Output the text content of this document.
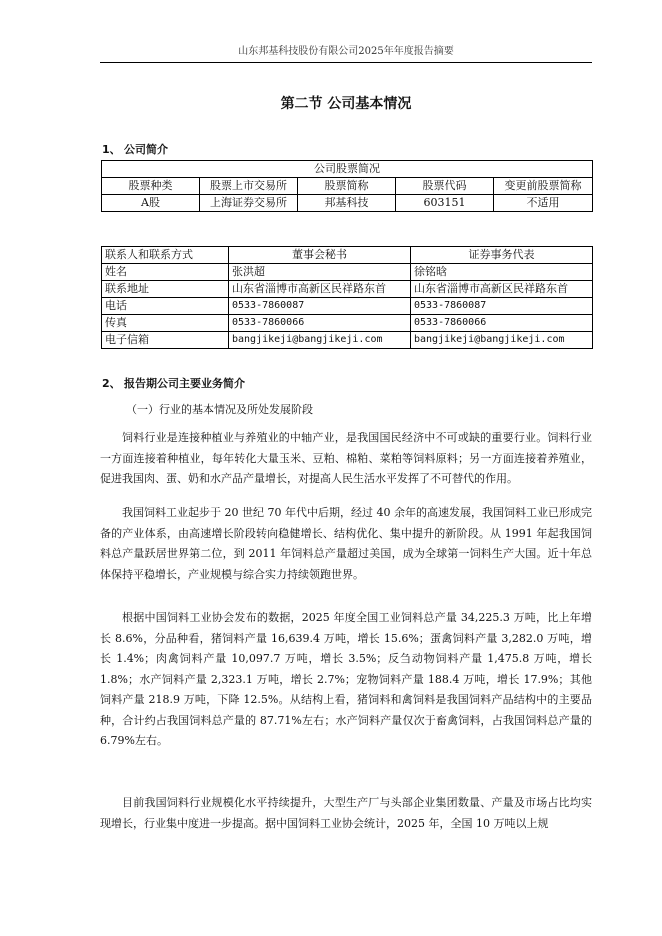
山东邦基科技股份有限公司2025年年度报告摘要
第二节 公司基本情况
1、 公司简介
公司股票简况				
股票种类	股票上市交易所	股票简称	股票代码	变更前股票简称
A股	上海证券交易所	邦基科技	603151	不适用
联系人和联系方式	董事会秘书	证券事务代表
姓名	张洪超	徐铭晗
联系地址	山东省淄博市高新区民祥路东首	山东省淄博市高新区民祥路东首
电话	0533-7860087	0533-7860087
传真	0533-7860066	0533-7860066
电子信箱	bangjikeji@bangjikeji.com	bangjikeji@bangjikeji.com
2、 报告期公司主要业务简介
（一）行业的基本情况及所处发展阶段

饲料行业是连接种植业与养殖业的中轴产业，是我国国民经济中不可或缺的重要行业。饲料行业一方面连接着种植业，每年转化大量玉米、豆粕、棉粕、菜粕等饲料原料；另一方面连接着养殖业，促进我国肉、蛋、奶和水产品产量增长，对提高人民生活水平发挥了不可替代的作用。

我国饲料工业起步于 20 世纪 70 年代中后期，经过 40 余年的高速发展，我国饲料工业已形成完备的产业体系，由高速增长阶段转向稳健增长、结构优化、集中提升的新阶段。从 1991 年起我国饲料总产量跃居世界第二位，到 2011 年饲料总产量超过美国，成为全球第一饲料生产大国。近十年总体保持平稳增长，产业规模与综合实力持续领跑世界。

根据中国饲料工业协会发布的数据，2025 年度全国工业饲料总产量 34,225.3 万吨，比上年增长 8.6%，分品种看，猪饲料产量 16,639.4 万吨，增长 15.6%；蛋禽饲料产量 3,282.0 万吨，增长 1.4%；肉禽饲料产量 10,097.7 万吨，增长 3.5%；反刍动物饲料产量 1,475.8 万吨，增长 1.8%；水产饲料产量 2,323.1 万吨，增长 2.7%；宠物饲料产量 188.4 万吨，增长 17.9%；其他饲料产量 218.9 万吨，下降 12.5%。从结构上看，猪饲料和禽饲料是我国饲料产品结构中的主要品种，合计约占我国饲料总产量的 87.71%左右；水产饲料产量仅次于畜禽饲料，占我国饲料总产量的 6.79%左右。

目前我国饲料行业规模化水平持续提升，大型生产厂与头部企业集团数量、产量及市场占比均实现增长，行业集中度进一步提高。据中国饲料工业协会统计，2025 年，全国 10 万吨以上规
